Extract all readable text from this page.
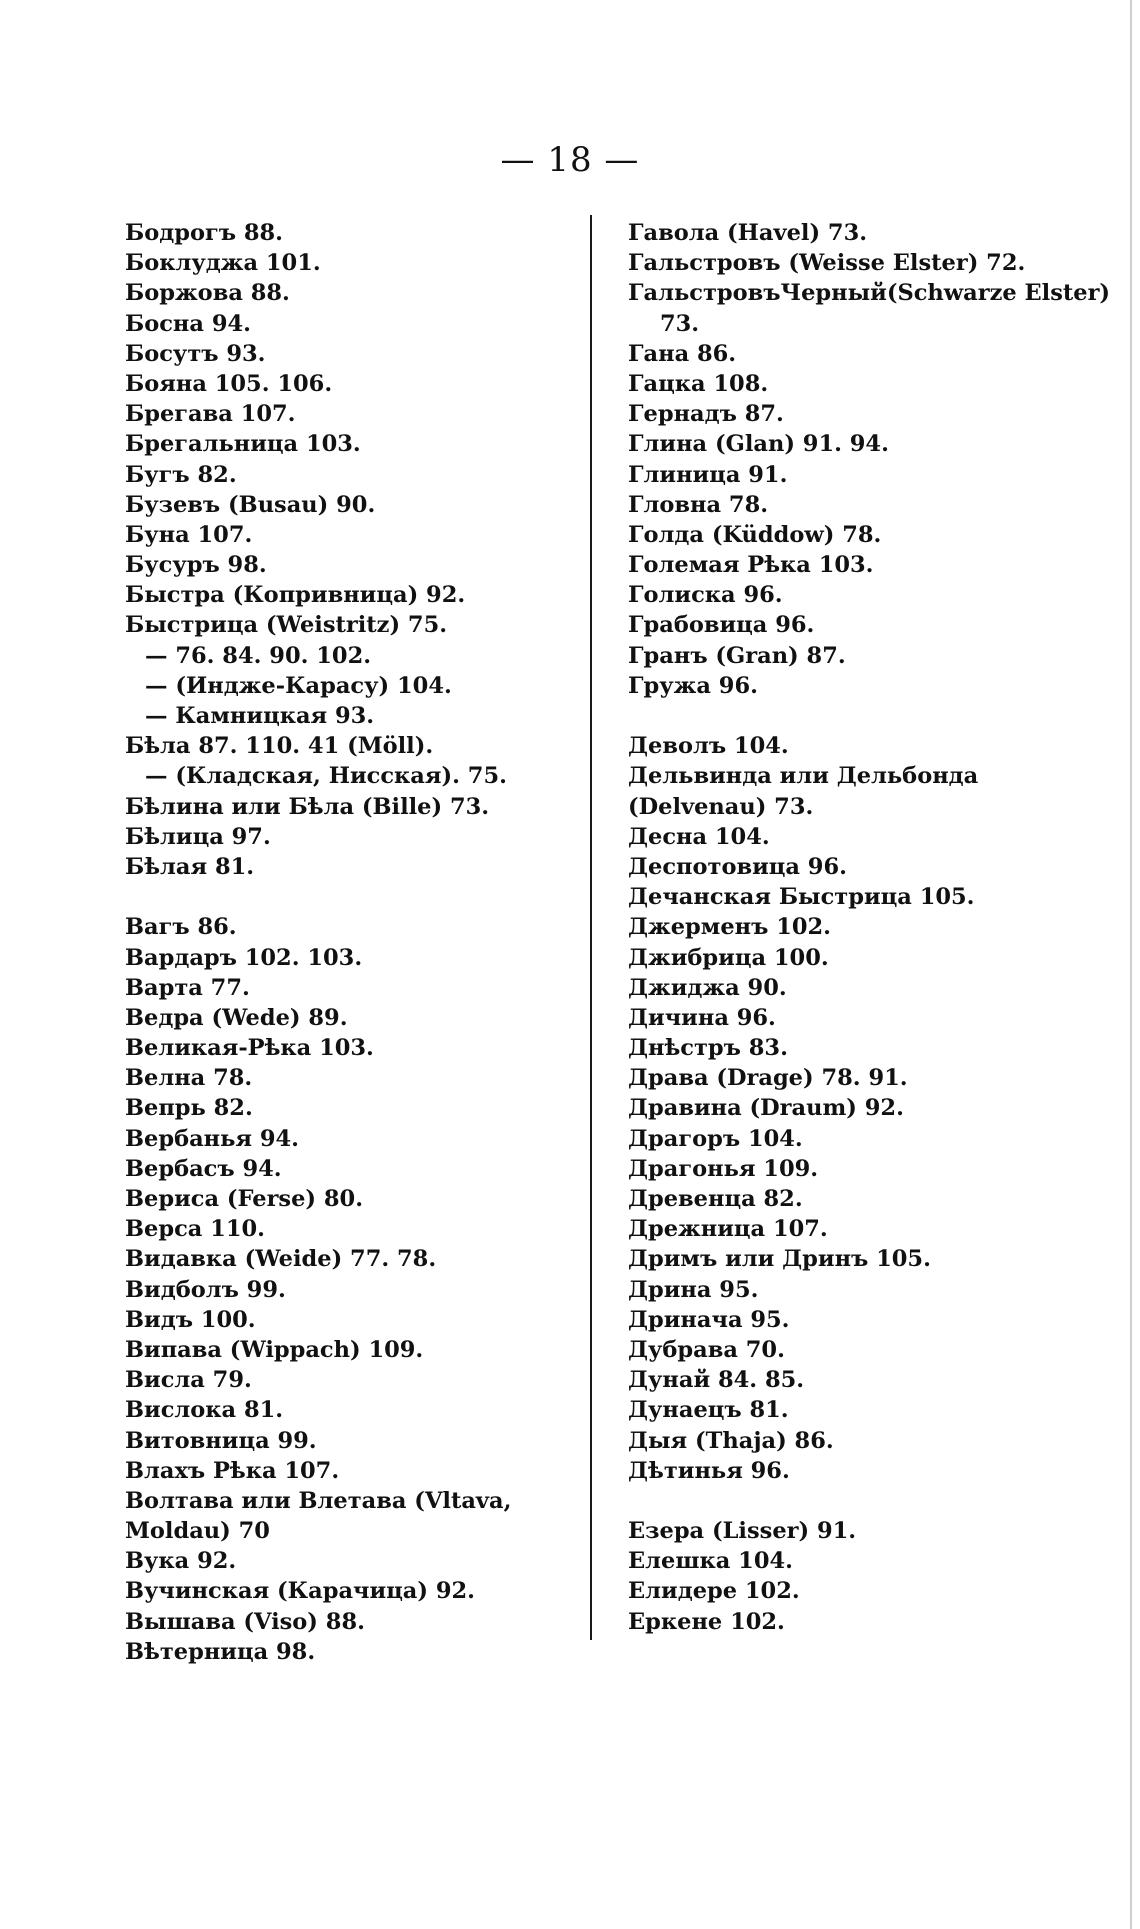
— 18 —
Бодрогъ 88.
Боклуджа 101.
Боржова 88.
Босна 94.
Босутъ 93.
Бояна 105. 106.
Брегава 107.
Брегальница 103.
Бугъ 82.
Бузевъ (Busau) 90.
Буна 107.
Бусуръ 98.
Быстра (Копривница) 92.
Быстрица (Weistritz) 75.
— 76. 84. 90. 102.
— (Индже-Карасу) 104.
— Камницкая 93.
Бѣла 87. 110. 41 (Möll).
— (Кладская, Нисская). 75.
Бѣлина или Бѣла (Bille) 73.
Бѣлица 97.
Бѣлая 81.
Вагъ 86.
Вардаръ 102. 103.
Варта 77.
Ведра (Wede) 89.
Великая-Рѣка 103.
Велна 78.
Вепрь 82.
Вербанья 94.
Вербасъ 94.
Вериса (Ferse) 80.
Верса 110.
Видавка (Weide) 77. 78.
Видболъ 99.
Видъ 100.
Випава (Wippach) 109.
Висла 79.
Вислока 81.
Витовница 99.
Влахъ Рѣка 107.
Волтава или Влетава (Vltava, Moldau) 70
Вука 92.
Вучинская (Карачица) 92.
Вышава (Viso) 88.
Вѣтерница 98.
Гавола (Havel) 73.
Гальстровъ (Weisse Elster) 72.
ГальстровъЧерный(Schwarze Elster)
73.
Гана 86.
Гацка 108.
Гернадъ 87.
Глина (Glan) 91. 94.
Глиница 91.
Гловна 78.
Голда (Küddow) 78.
Големая Рѣка 103.
Голиска 96.
Грабовица 96.
Гранъ (Gran) 87.
Гружа 96.
Деволъ 104.
Дельвинда или Дельбонда (Delvenau) 73.
Десна 104.
Деспотовица 96.
Дечанская Быстрица 105.
Джерменъ 102.
Джибрица 100.
Джиджа 90.
Дичина 96.
Днѣстръ 83.
Драва (Drage) 78. 91.
Дравина (Draum) 92.
Драгоръ 104.
Драгонья 109.
Древенца 82.
Дрежница 107.
Дримъ или Дринъ 105.
Дрина 95.
Дринача 95.
Дубрава 70.
Дунай 84. 85.
Дунаецъ 81.
Дыя (Thaja) 86.
Дѣтинья 96.
Езера (Lisser) 91.
Елешка 104.
Елидере 102.
Еркене 102.
